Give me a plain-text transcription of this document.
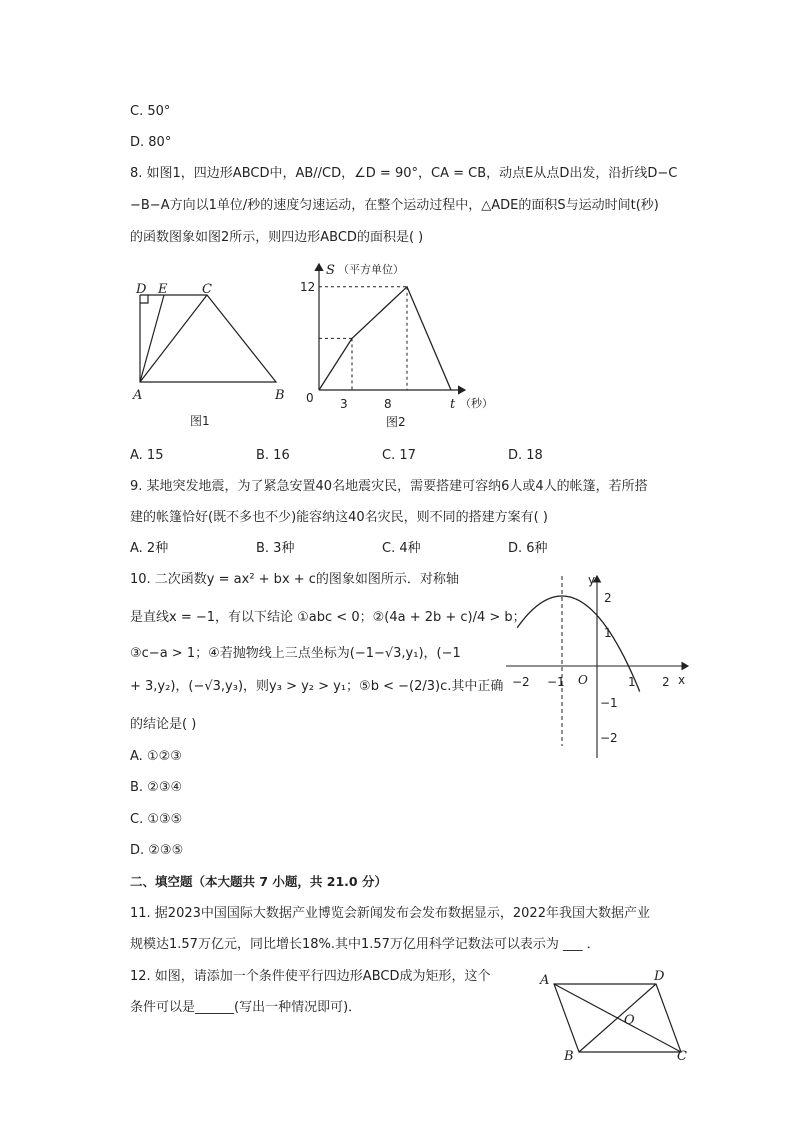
C. 50°
D. 80°
8. 如图1，四边形ABCD中，AB//CD，∠D = 90°，CA = CB，动点E从点D出发，沿折线D−C
−B−A方向以1单位/秒的速度匀速运动，在整个运动过程中，△ADE的面积S与运动时间t(秒)
的函数图象如图2所示，则四边形ABCD的面积是( )
D E	C
A	B
图1
S （平方单位）
12
0 3	8	t （秒）
图2
A. 15	B. 16	C. 17	D. 18
9. 某地突发地震，为了紧急安置40名地震灾民，需要搭建可容纳6人或4人的帐篷，若所搭
建的帐篷恰好(既不多也不少)能容纳这40名灾民，则不同的搭建方案有( )
A. 2种	B. 3种	C. 4种	D. 6种
10. 二次函数y = ax² + bx + c的图象如图所示．对称轴
是直线x = −1，有以下结论 ①abc < 0；②(4a + 2b + c)/4 > b；
③c−a > 1；④若抛物线上三点坐标为(−1−√3,y₁)，(−1
+ 3,y₂)，(−√3,y₃)，则y₃ > y₂ > y₁；⑤b < −(2/3)c.其中正确
的结论是( )
A. ①②③
B. ②③④
C. ①③⑤
D. ②③⑤
y
x
O
−2 −1	1 2
2
1
−1
−2
二、填空题（本大题共 7 小题，共 21.0 分）
11. 据2023中国国际大数据产业博览会新闻发布会发布数据显示，2022年我国大数据产业
规模达1.57万亿元，同比增长18%.其中1.57万亿用科学记数法可以表示为 ___ ．
12. 如图，请添加一个条件使平行四边形ABCD成为矩形，这个
条件可以是______(写出一种情况即可)．
A	D
O
B	C
